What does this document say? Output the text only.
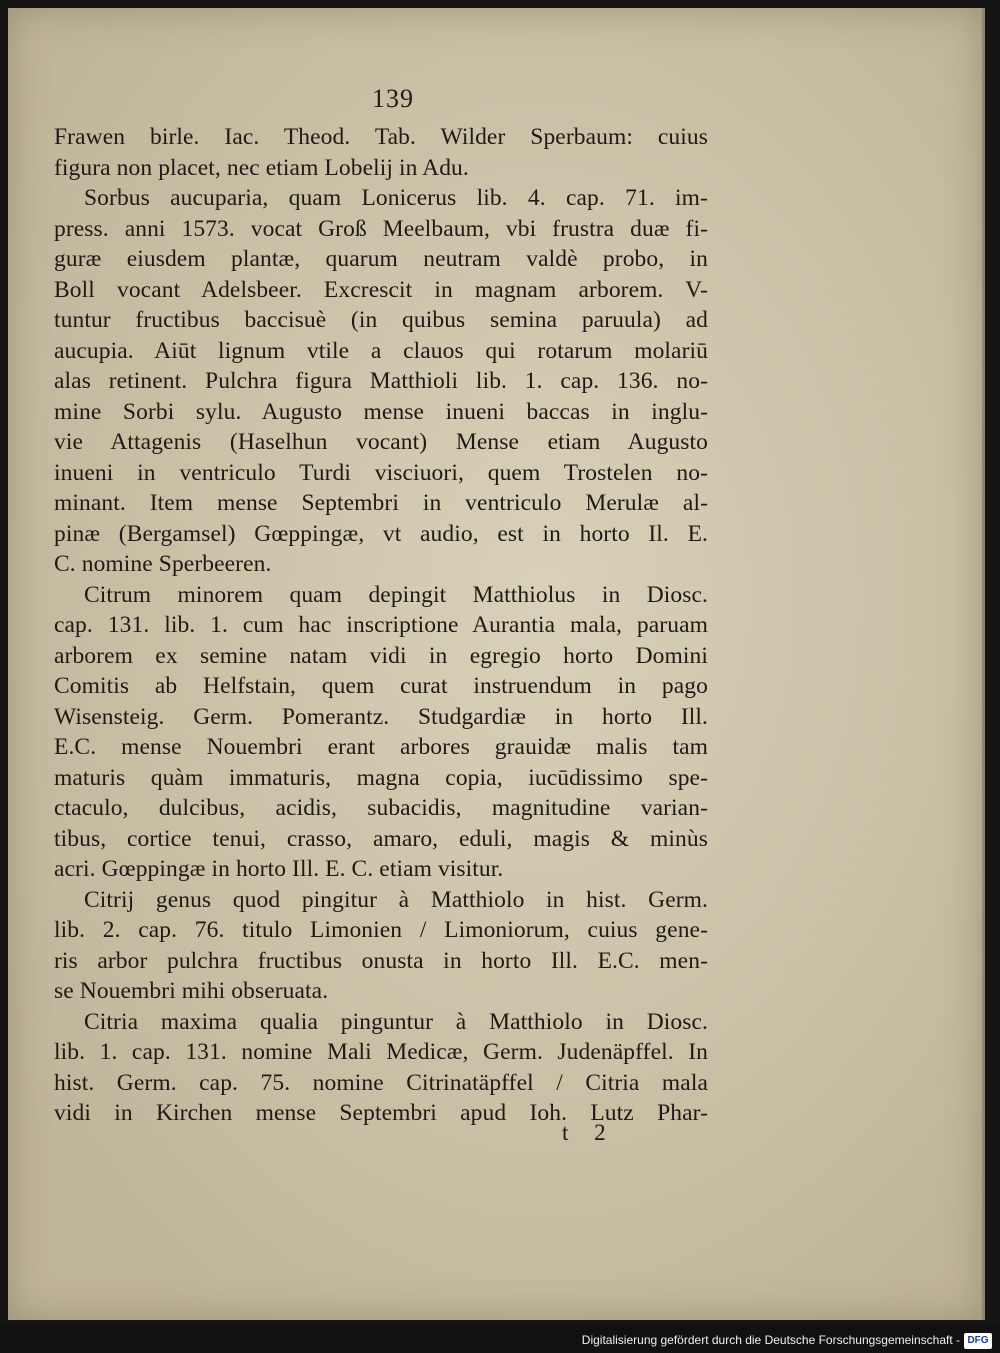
139
Frawen birle. Iac. Theod. Tab. Wilder Sperbaum: cuius
figura non placet, nec etiam Lobelij in Adu.
Sorbus aucuparia, quam Lonicerus lib. 4. cap. 71. im-
press. anni 1573. vocat Groß Meelbaum, vbi frustra duæ fi-
guræ eiusdem plantæ, quarum neutram valdè probo, in
Boll vocant Adelsbeer. Excrescit in magnam arborem. V-
tuntur fructibus baccisuè (in quibus semina paruula) ad
aucupia. Aiūt lignum vtile a clauos qui rotarum molariū
alas retinent. Pulchra figura Matthioli lib. 1. cap. 136. no-
mine Sorbi sylu. Augusto mense inueni baccas in inglu-
vie Attagenis (Haselhun vocant) Mense etiam Augusto
inueni in ventriculo Turdi visciuori, quem Trostelen no-
minant. Item mense Septembri in ventriculo Merulæ al-
pinæ (Bergamsel) Gœppingæ, vt audio, est in horto Il. E.
C. nomine Sperbeeren.
Citrum minorem quam depingit Matthiolus in Diosc.
cap. 131. lib. 1. cum hac inscriptione Aurantia mala, paruam
arborem ex semine natam vidi in egregio horto Domini
Comitis ab Helfstain, quem curat instruendum in pago
Wisensteig. Germ. Pomerantz. Studgardiæ in horto Ill.
E.C. mense Nouembri erant arbores grauidæ malis tam
maturis quàm immaturis, magna copia, iucūdissimo spe-
ctaculo, dulcibus, acidis, subacidis, magnitudine varian-
tibus, cortice tenui, crasso, amaro, eduli, magis & minùs
acri. Gœppingæ in horto Ill. E. C. etiam visitur.
Citrij genus quod pingitur à Matthiolo in hist. Germ.
lib. 2. cap. 76. titulo Limonien / Limoniorum, cuius gene-
ris arbor pulchra fructibus onusta in horto Ill. E.C. men-
se Nouembri mihi obseruata.
Citria maxima qualia pinguntur à Matthiolo in Diosc.
lib. 1. cap. 131. nomine Mali Medicæ, Germ. Judenäpffel. In
hist. Germ. cap. 75. nomine Citrinatäpffel / Citria mala
vidi in Kirchen mense Septembri apud Ioh. Lutz Phar-
t 2
Digitalisierung gefördert durch die Deutsche Forschungsgemeinschaft - DFG
